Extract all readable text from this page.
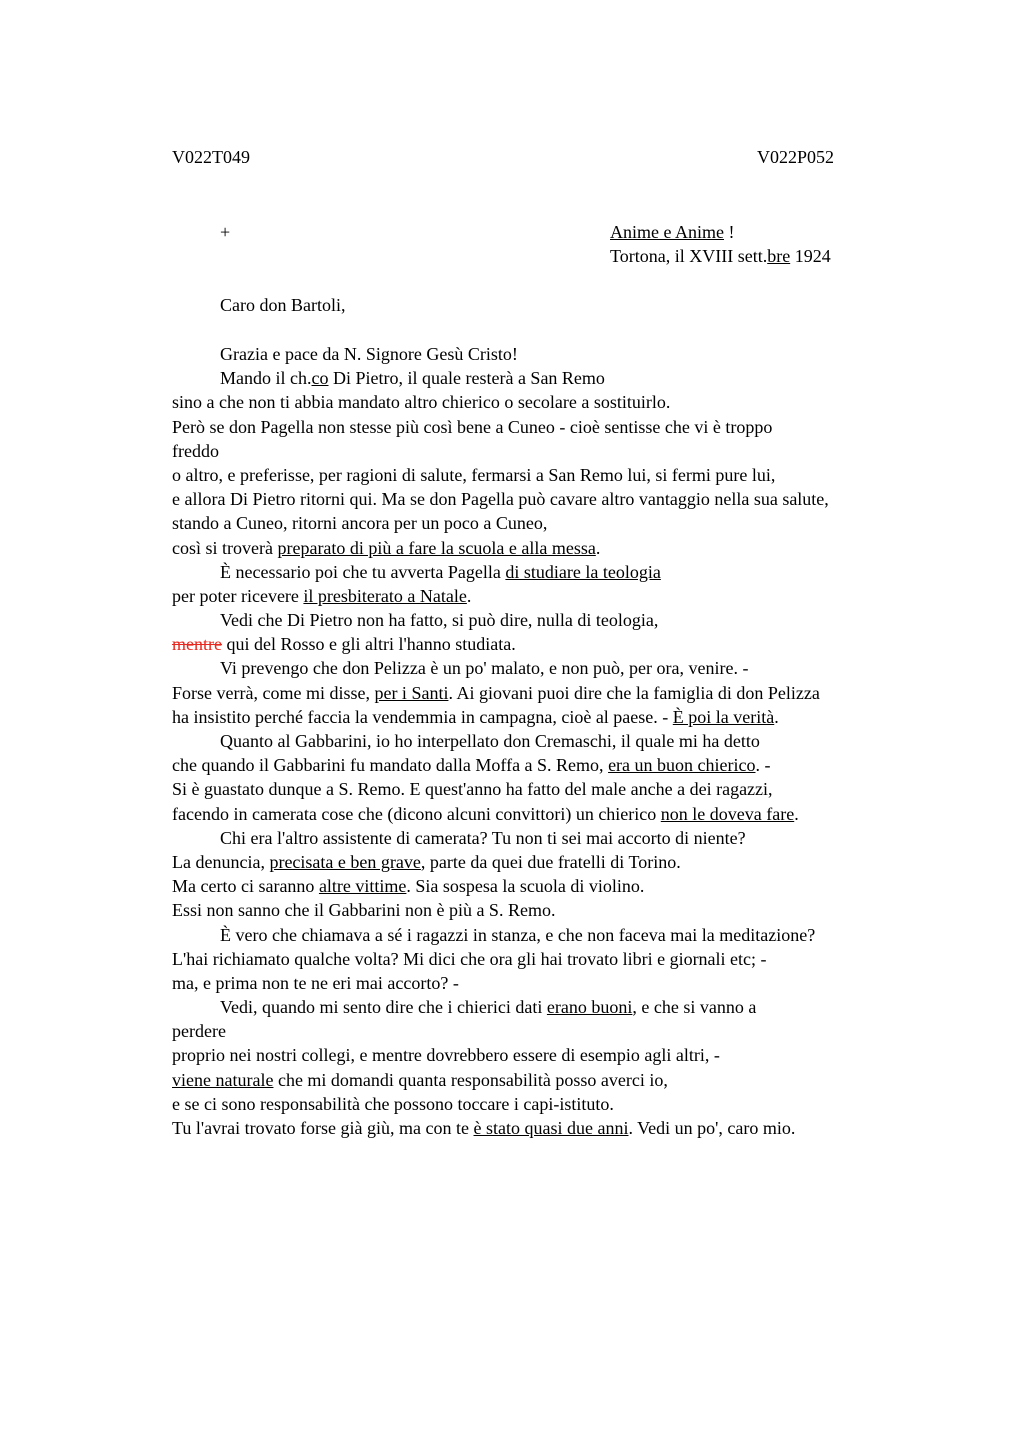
V022T049	V022P052
+	Anime e Anime !
Tortona, il XVIII sett.bre 1924
Caro don Bartoli,
Grazia e pace da N. Signore Gesù Cristo!
Mando il ch.co Di Pietro, il quale resterà a San Remo
sino a che non ti abbia mandato altro chierico o secolare a sostituirlo.
Però se don Pagella non stesse più così bene a Cuneo - cioè sentisse che vi è troppo
freddo
o altro, e preferisse, per ragioni di salute, fermarsi a San Remo lui, si fermi pure lui,
e allora Di Pietro ritorni qui. Ma se don Pagella può cavare altro vantaggio nella sua salute,
stando a Cuneo, ritorni ancora per un poco a Cuneo,
così si troverà preparato di più a fare la scuola e alla messa.
È necessario poi che tu avverta Pagella di studiare la teologia
per poter ricevere il presbiterato a Natale.
Vedi che Di Pietro non ha fatto, si può dire, nulla di teologia,
mentre qui del Rosso e gli altri l'hanno studiata.
Vi prevengo che don Pelizza è un po' malato, e non può, per ora, venire. -
Forse verrà, come mi disse, per i Santi. Ai giovani puoi dire che la famiglia di don Pelizza
ha insistito perché faccia la vendemmia in campagna, cioè al paese. - È poi la verità.
Quanto al Gabbarini, io ho interpellato don Cremaschi, il quale mi ha detto
che quando il Gabbarini fu mandato dalla Moffa a S. Remo, era un buon chierico. -
Si è guastato dunque a S. Remo. E quest'anno ha fatto del male anche a dei ragazzi,
facendo in camerata cose che (dicono alcuni convittori) un chierico non le doveva fare.
Chi era l'altro assistente di camerata? Tu non ti sei mai accorto di niente?
La denuncia, precisata e ben grave, parte da quei due fratelli di Torino.
Ma certo ci saranno altre vittime. Sia sospesa la scuola di violino.
Essi non sanno che il Gabbarini non è più a S. Remo.
È vero che chiamava a sé i ragazzi in stanza, e che non faceva mai la meditazione?
L'hai richiamato qualche volta? Mi dici che ora gli hai trovato libri e giornali etc; -
ma, e prima non te ne eri mai accorto? -
Vedi, quando mi sento dire che i chierici dati erano buoni, e che si vanno a
perdere
proprio nei nostri collegi, e mentre dovrebbero essere di esempio agli altri, -
viene naturale che mi domandi quanta responsabilità posso averci io,
e se ci sono responsabilità che possono toccare i capi-istituto.
Tu l'avrai trovato forse già giù, ma con te è stato quasi due anni. Vedi un po', caro mio.
